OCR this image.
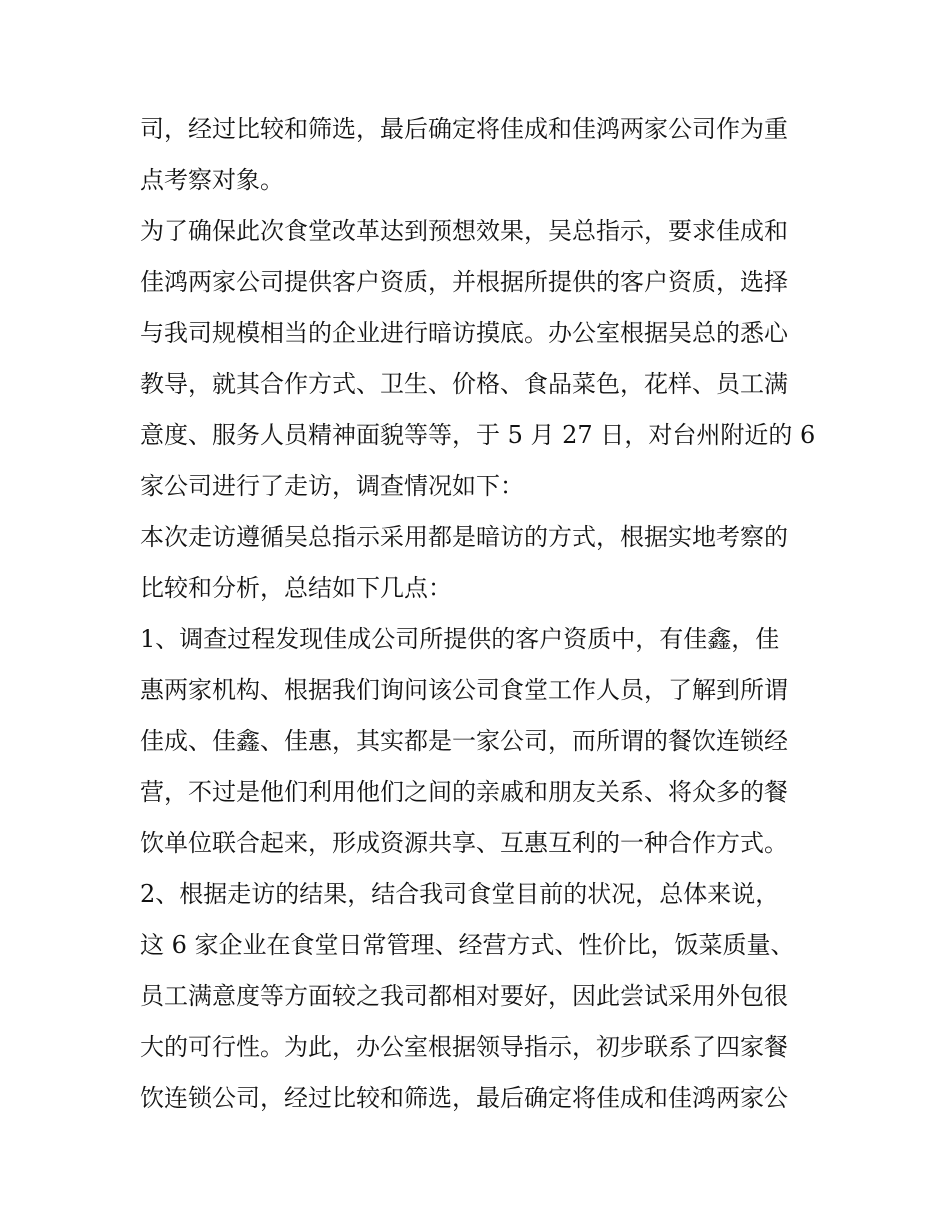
司，经过比较和筛选，最后确定将佳成和佳鸿两家公司作为重
点考察对象。
为了确保此次食堂改革达到预想效果，吴总指示，要求佳成和
佳鸿两家公司提供客户资质，并根据所提供的客户资质，选择
与我司规模相当的企业进行暗访摸底。办公室根据吴总的悉心
教导，就其合作方式、卫生、价格、食品菜色，花样、员工满
意度、服务人员精神面貌等等，于 5 月 27 日，对台州附近的 6
家公司进行了走访，调查情况如下：
本次走访遵循吴总指示采用都是暗访的方式，根据实地考察的
比较和分析，总结如下几点：
1、调查过程发现佳成公司所提供的客户资质中，有佳鑫，佳
惠两家机构、根据我们询问该公司食堂工作人员，了解到所谓
佳成、佳鑫、佳惠，其实都是一家公司，而所谓的餐饮连锁经
营，不过是他们利用他们之间的亲戚和朋友关系、将众多的餐
饮单位联合起来，形成资源共享、互惠互利的一种合作方式。
2、根据走访的结果，结合我司食堂目前的状况，总体来说，
这 6 家企业在食堂日常管理、经营方式、性价比，饭菜质量、
员工满意度等方面较之我司都相对要好，因此尝试采用外包很
大的可行性。为此，办公室根据领导指示，初步联系了四家餐
饮连锁公司，经过比较和筛选，最后确定将佳成和佳鸿两家公
